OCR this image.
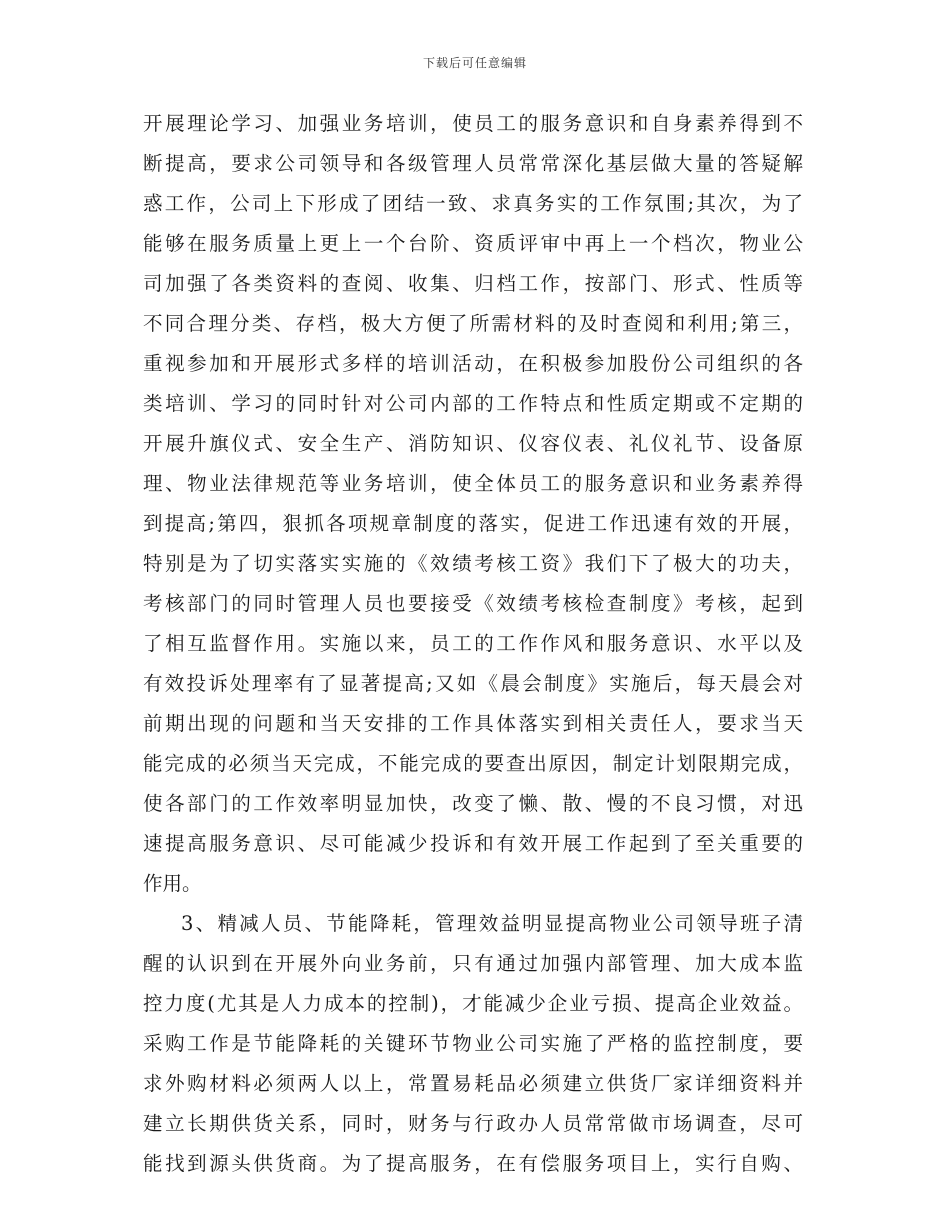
下载后可任意编辑
开展理论学习、加强业务培训，使员工的服务意识和自身素养得到不
断提高，要求公司领导和各级管理人员常常深化基层做大量的答疑解
惑工作，公司上下形成了团结一致、求真务实的工作氛围;其次，为了
能够在服务质量上更上一个台阶、资质评审中再上一个档次，物业公
司加强了各类资料的查阅、收集、归档工作，按部门、形式、性质等
不同合理分类、存档，极大方便了所需材料的及时查阅和利用;第三，
重视参加和开展形式多样的培训活动，在积极参加股份公司组织的各
类培训、学习的同时针对公司内部的工作特点和性质定期或不定期的
开展升旗仪式、安全生产、消防知识、仪容仪表、礼仪礼节、设备原
理、物业法律规范等业务培训，使全体员工的服务意识和业务素养得
到提高;第四，狠抓各项规章制度的落实，促进工作迅速有效的开展，
特别是为了切实落实实施的《效绩考核工资》我们下了极大的功夫，
考核部门的同时管理人员也要接受《效绩考核检查制度》考核，起到
了相互监督作用。实施以来，员工的工作作风和服务意识、水平以及
有效投诉处理率有了显著提高;又如《晨会制度》实施后，每天晨会对
前期出现的问题和当天安排的工作具体落实到相关责任人，要求当天
能完成的必须当天完成，不能完成的要查出原因，制定计划限期完成，
使各部门的工作效率明显加快，改变了懒、散、慢的不良习惯，对迅
速提高服务意识、尽可能减少投诉和有效开展工作起到了至关重要的
作用。
3、精减人员、节能降耗，管理效益明显提高物业公司领导班子清
醒的认识到在开展外向业务前，只有通过加强内部管理、加大成本监
控力度(尤其是人力成本的控制)，才能减少企业亏损、提高企业效益。
采购工作是节能降耗的关键环节物业公司实施了严格的监控制度，要
求外购材料必须两人以上，常置易耗品必须建立供货厂家详细资料并
建立长期供货关系，同时，财务与行政办人员常常做市场调查，尽可
能找到源头供货商。为了提高服务，在有偿服务项目上，实行自购、
